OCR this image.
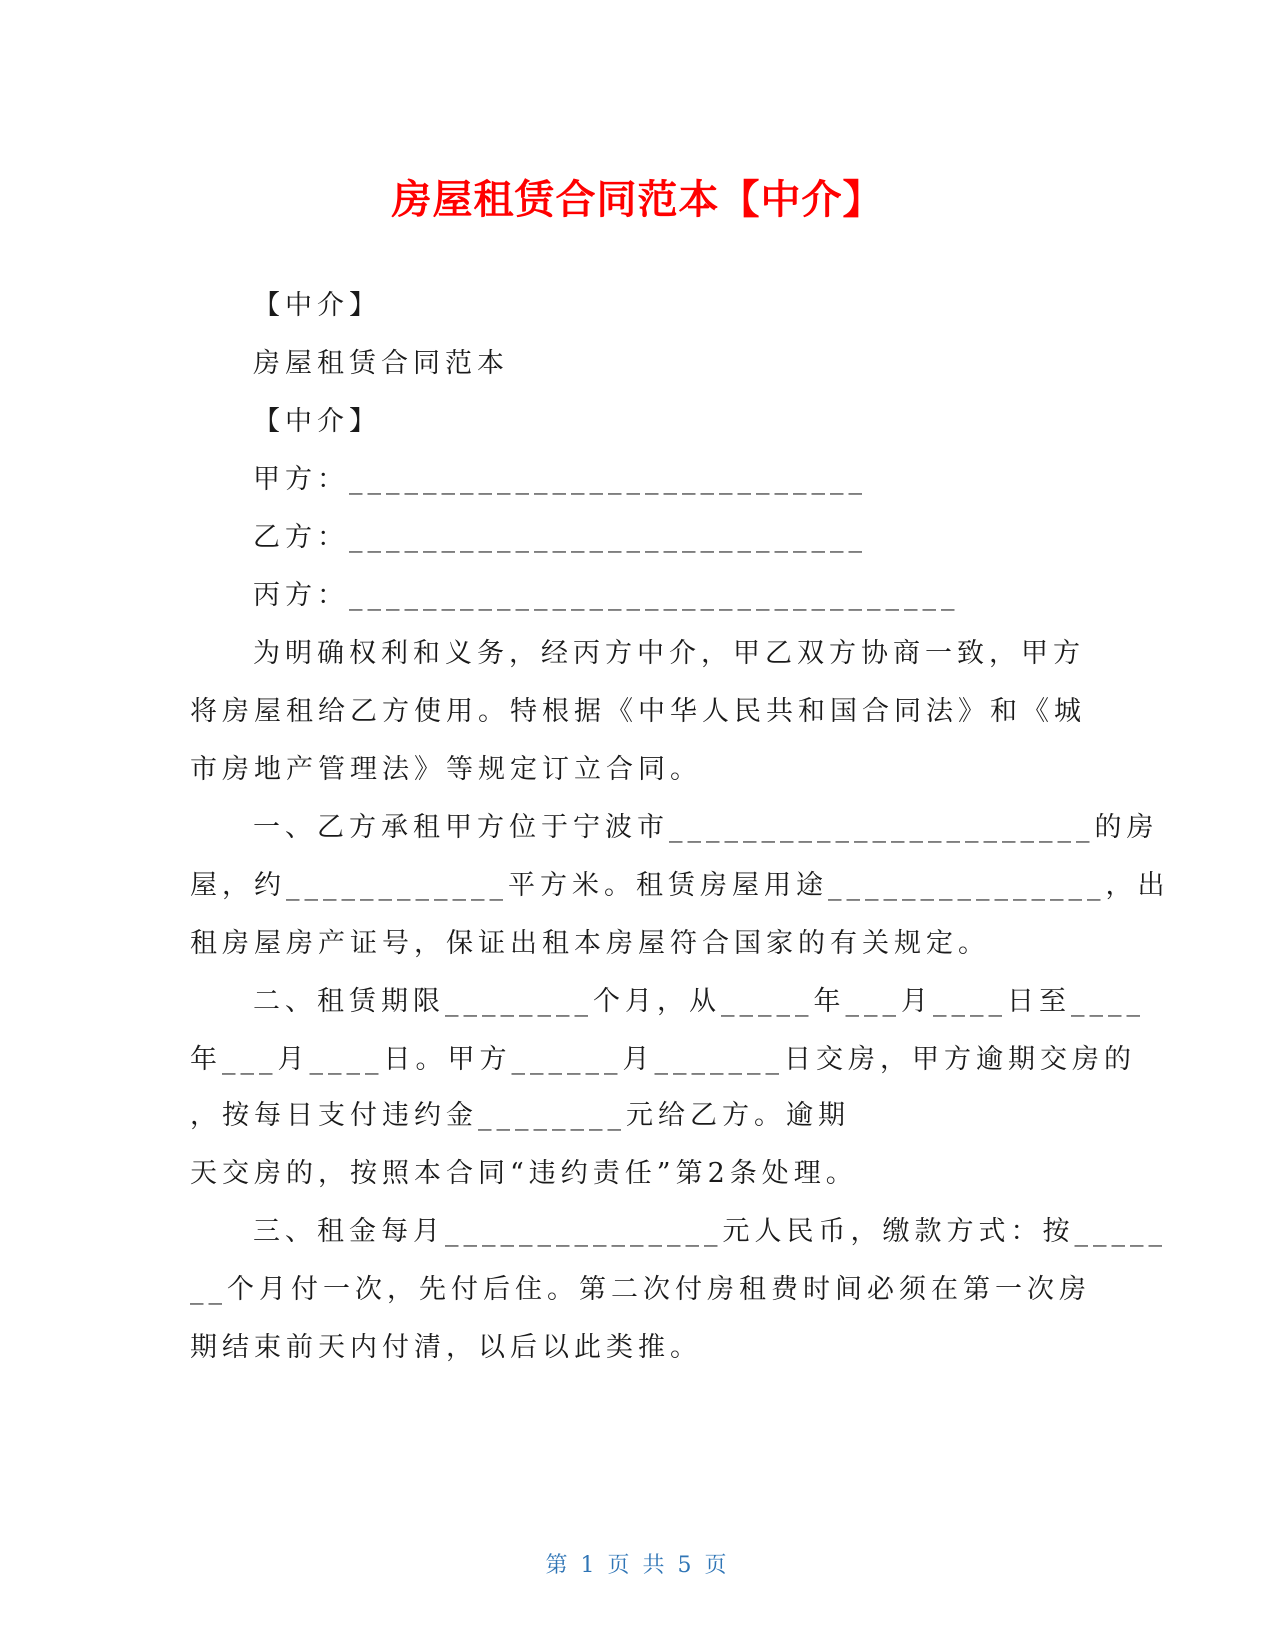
房屋租赁合同范本【中介】
【中介】
房屋租赁合同范本
【中介】
甲方：____________________________
乙方：____________________________
丙方：_________________________________
为明确权利和义务，经丙方中介，甲乙双方协商一致，甲方
将房屋租给乙方使用。特根据《中华人民共和国合同法》和《城
市房地产管理法》等规定订立合同。
一、乙方承租甲方位于宁波市_______________________的房
屋，约____________平方米。租赁房屋用途_______________，出
租房屋房产证号，保证出租本房屋符合国家的有关规定。
二、租赁期限________个月，从_____年___月____日至____
年___月____日。甲方______月_______日交房，甲方逾期交房的
，按每日支付违约金________元给乙方。逾期
天交房的，按照本合同“违约责任”第2条处理。
三、租金每月_______________元人民币，缴款方式：按_____
__个月付一次，先付后住。第二次付房租费时间必须在第一次房
期结束前天内付清，以后以此类推。
第 1 页 共 5 页
